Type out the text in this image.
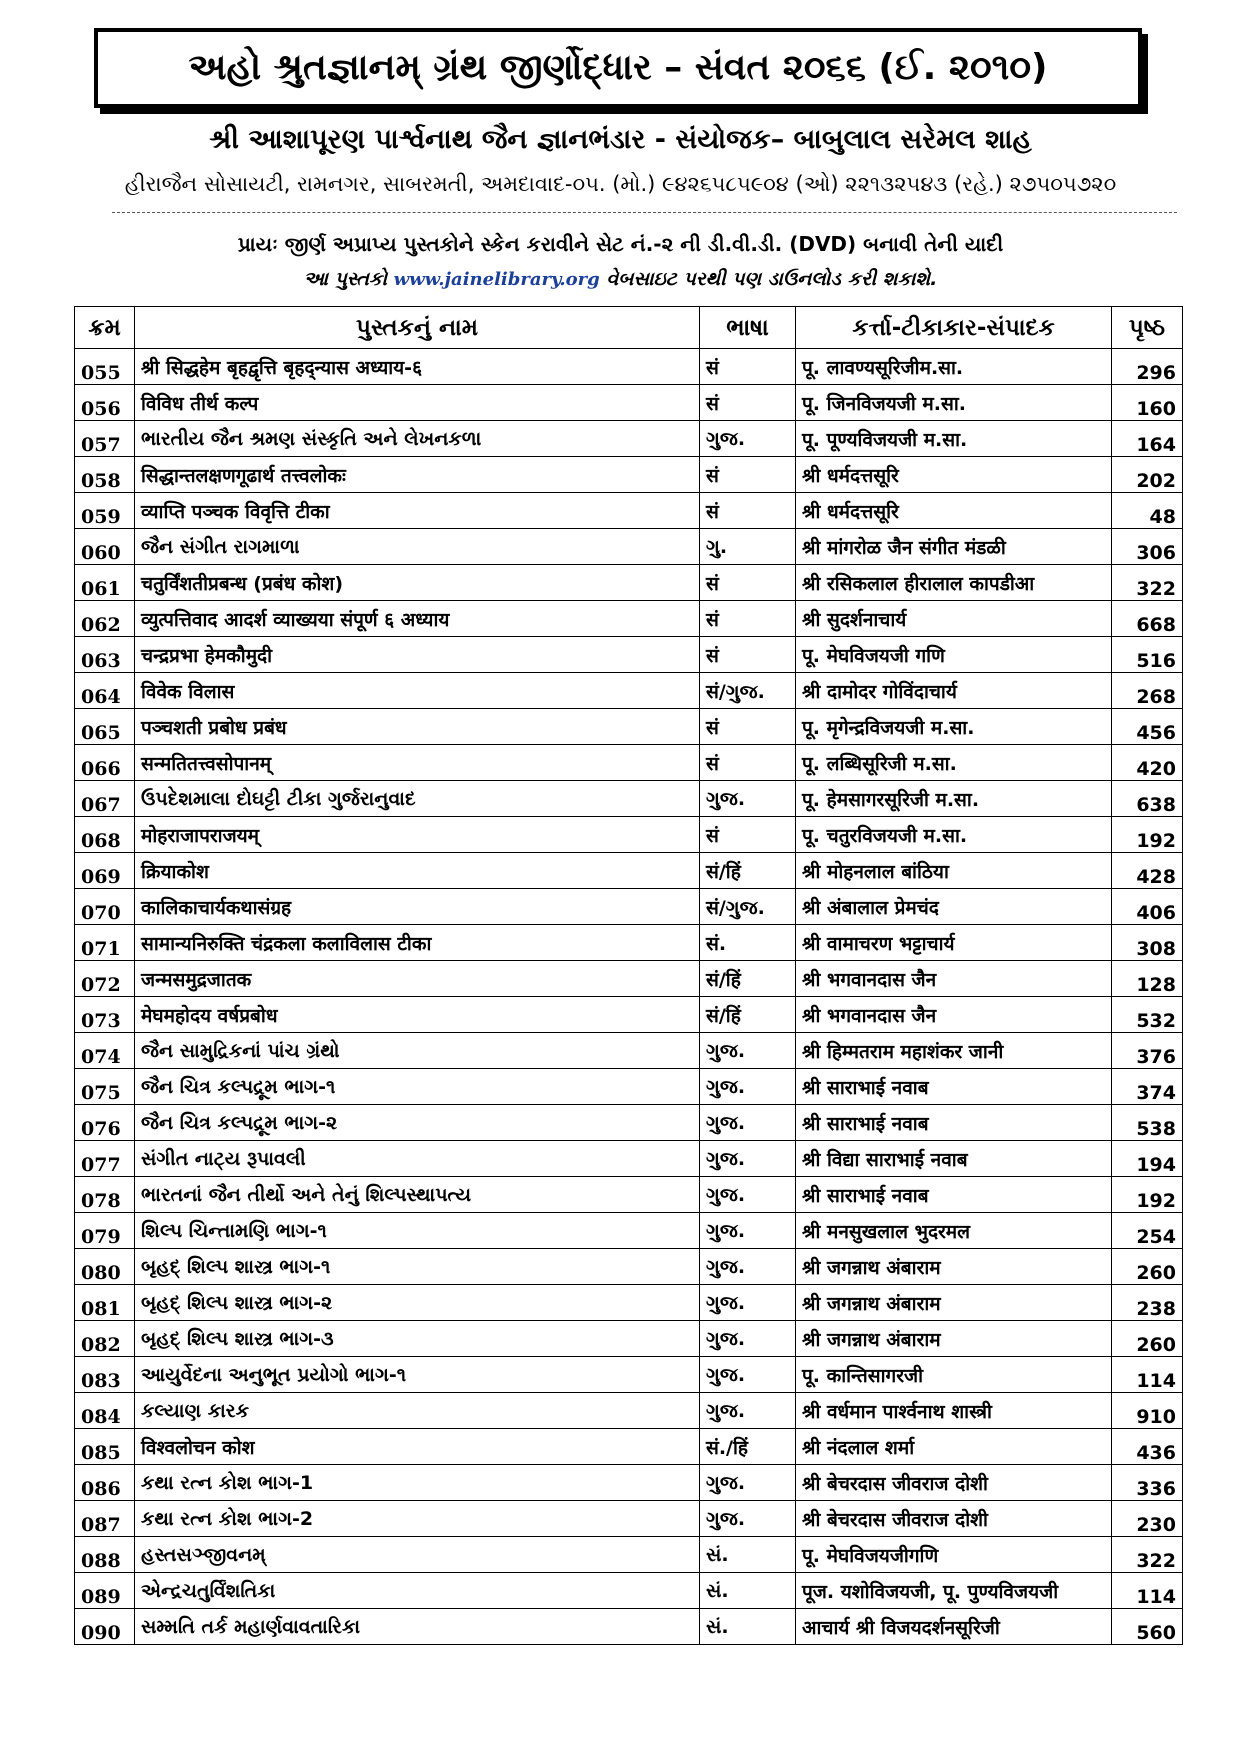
અહો શ્રુતજ્ઞાનમ્ ગ્રંથ જીર્ણોદ્ધાર – સંવત ૨૦૬૬ (ઈ. ૨૦૧૦)
શ્રી આશાપૂરણ પાર્શ્વનાથ જૈન જ્ઞાનભંડાર - સંયોજક– બાબુલાલ સરેમલ શાહ
હીરાજૈન સોસાયટી, રામનગર, સાબરમતી, અમદાવાદ-૦૫. (મો.) ૯૪૨૬૫૮૫૯૦૪ (ઓ) ૨૨૧૩૨૫૪૩ (રહે.) ૨૭૫૦૫૭૨૦
પ્રાયઃ જીર્ણ અપ્રાપ્ય પુસ્તકોને સ્કેન કરાવીને સેટ નં.-૨ ની ડી.વી.ડી. (DVD) બનાવી તેની યાદી
આ પુસ્તકો www.jainelibrary.org વેબસાઇટ પરથી પણ ડાઉનલોડ કરી શકાશે.
ક્રમ	પુસ્તકનું નામ	ભાષા	કર્ત્તા-ટીકાકાર-સંપાદક	પૃષ્ઠ
055	श्री सिद्धहेम बृहद्वृत्ति बृहद्न्यास अध्याय-६	सं	पू. लावण्यसूरिजीम.सा.	296
056	विविध तीर्थ कल्प	सं	पू. जिनविजयजी म.सा.	160
057	ભારતીય જૈન શ્રમણ સંસ્કૃતિ અને લેખનકળા	ગુજ.	पू. पूण्यविजयजी म.सा.	164
058	सिद्धान्तलक्षणगूढार्थ तत्त्वलोकः	सं	श्री धर्मदत्तसूरि	202
059	व्याप्ति पञ्चक विवृत्ति टीका	सं	श्री धर्मदत्तसूरि	48
060	જૈન સંગીત રાગમાળા	ગુ.	श्री मांगरोळ जैन संगीत मंडळी	306
061	चतुर्विंशतीप्रबन्ध (प्रबंध कोश)	सं	श्री रसिकलाल हीरालाल कापडीआ	322
062	व्युत्पत्तिवाद आदर्श व्याख्यया संपूर्ण ६ अध्याय	सं	श्री सुदर्शनाचार्य	668
063	चन्द्रप्रभा हेमकौमुदी	सं	पू. मेघविजयजी गणि	516
064	विवेक विलास	सं/ગુજ.	श्री दामोदर गोविंदाचार्य	268
065	पञ्चशती प्रबोध प्रबंध	सं	पू. मृगेन्द्रविजयजी म.सा.	456
066	सन्मतितत्त्वसोपानम्	सं	पू. लब्धिसूरिजी म.सा.	420
067	ઉપદેશમાલા દોઘટ્ટી ટીકા ગુર્જરાનુવાદ	ગુજ.	पू. हेमसागरसूरिजी म.सा.	638
068	मोहराजापराजयम्	सं	पू. चतुरविजयजी म.सा.	192
069	क्रियाकोश	सं/हिं	श्री मोहनलाल बांठिया	428
070	कालिकाचार्यकथासंग्रह	सं/ગુજ.	श्री अंबालाल प्रेमचंद	406
071	सामान्यनिरुक्ति चंद्रकला कलाविलास टीका	सं.	श्री वामाचरण भट्टाचार्य	308
072	जन्मसमुद्रजातक	सं/हिं	श्री भगवानदास जैन	128
073	मेघमहोदय वर्षप्रबोध	सं/हिं	श्री भगवानदास जैन	532
074	જૈન સામુદ્રિકનાં પાંચ ગ્રંથો	ગુજ.	श्री हिम्मतराम महाशंकर जानी	376
075	જૈન ચિત્ર કલ્પદ્રૂમ ભાગ-૧	ગુજ.	श्री साराभाई नवाब	374
076	જૈન ચિત્ર કલ્પદ્રૂમ ભાગ-૨	ગુજ.	श्री साराभाई नवाब	538
077	સંગીત નાટ્ય રૂપાવલી	ગુજ.	श्री विद्या साराभाई नवाब	194
078	ભારતનાં જૈન તીર્થો અને તેનું શિલ્પસ્થાપત્ય	ગુજ.	श्री साराभाई नवाब	192
079	શિલ્પ ચિન્તામણિ ભાગ-૧	ગુજ.	श्री मनसुखलाल भुदरमल	254
080	બૃહદ્ શિલ્પ શાસ્ત્ર ભાગ-૧	ગુજ.	श्री जगन्नाथ अंबाराम	260
081	બૃહદ્ શિલ્પ શાસ્ત્ર ભાગ-૨	ગુજ.	श्री जगन्नाथ अंबाराम	238
082	બૃહદ્ શિલ્પ શાસ્ત્ર ભાગ-૩	ગુજ.	श्री जगन्नाथ अंबाराम	260
083	આયુર્વેદના અનુભૂત પ્રયોગો ભાગ-૧	ગુજ.	पू. कान्तिसागरजी	114
084	કલ્યાણ કારક	ગુજ.	श्री वर्धमान पार्श्वनाथ शास्त्री	910
085	विश्वलोचन कोश	सं./हिं	श्री नंदलाल शर्मा	436
086	કથા રત્ન કોશ ભાગ-1	ગુજ.	श्री बेचरदास जीवराज दोशी	336
087	કથા રત્ન કોશ ભાગ-2	ગુજ.	श्री बेचरदास जीवराज दोशी	230
088	હસ્તસઞ્જીવનમ્	સં.	पू. मेघविजयजीगणि	322
089	એન્દ્રચતુર્વિંશતિકા	સં.	पूज. यशोविजयजी, पू. पुण्यविजयजी	114
090	સમ્મતિ તર્ક મહાર્ણવાવતારિકા	સં.	आचार्य श्री विजयदर्शनसूरिजी	560
